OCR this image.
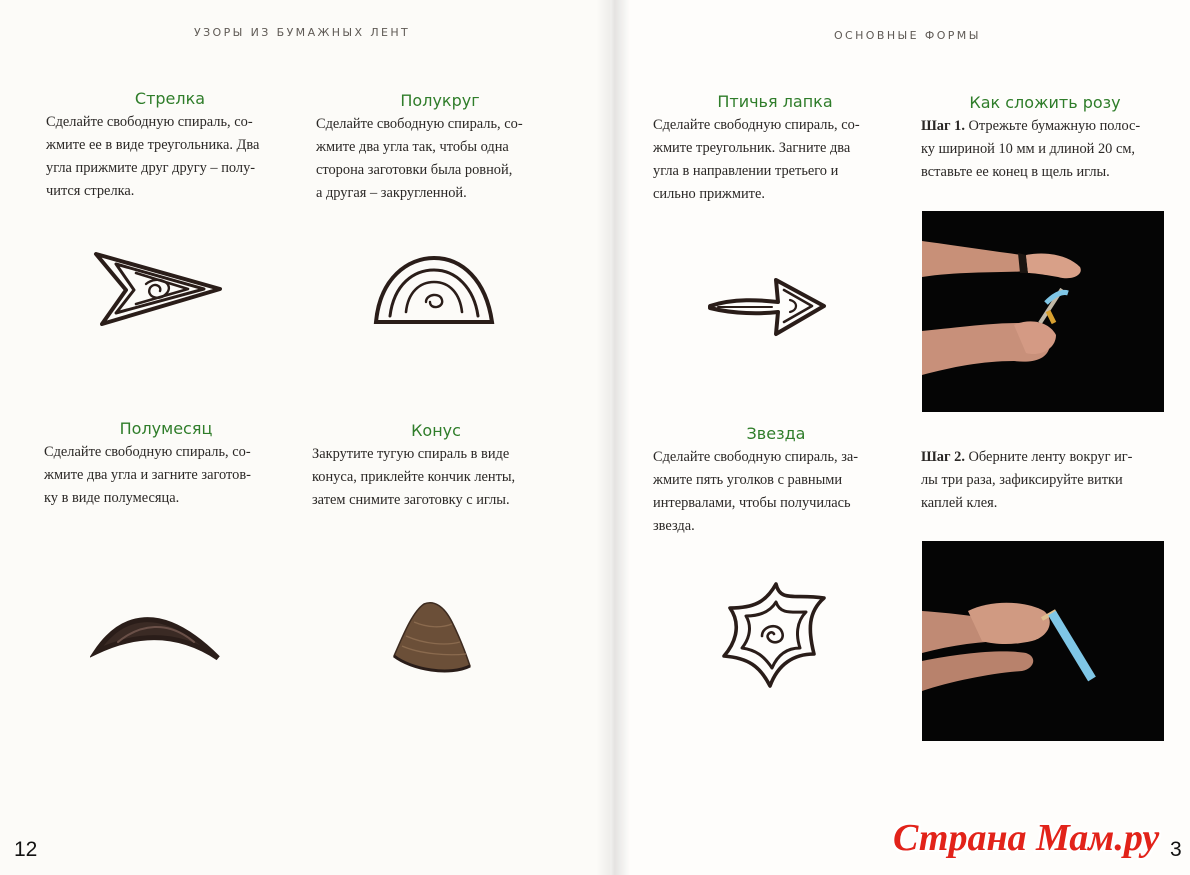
УЗОРЫ ИЗ БУМАЖНЫХ ЛЕНТ	ОСНОВНЫЕ ФОРМЫ
Стрелка
Сделайте свободную спираль, со-
жмите ее в виде треугольника. Два
угла прижмите друг другу – полу-
чится стрелка.
Полукруг
Сделайте свободную спираль, со-
жмите два угла так, чтобы одна
сторона заготовки была ровной,
а другая – закругленной.
Полумесяц
Сделайте свободную спираль, со-
жмите два угла и загните заготов-
ку в виде полумесяца.
Конус
Закрутите тугую спираль в виде
конуса, приклейте кончик ленты,
затем снимите заготовку с иглы.
12
Птичья лапка
Сделайте свободную спираль, со-
жмите треугольник. Загните два
угла в направлении третьего и
сильно прижмите.
Звезда
Сделайте свободную спираль, за-
жмите пять уголков с равными
интервалами, чтобы получилась
звезда.
Как сложить розу
Шаг 1. Отрежьте бумажную полос-
ку шириной 10 мм и длиной 20 см,
вставьте ее конец в щель иглы.
Шаг 2. Оберните ленту вокруг иг-
лы три раза, зафиксируйте витки
каплей клея.
3
Страна Мам.ру
